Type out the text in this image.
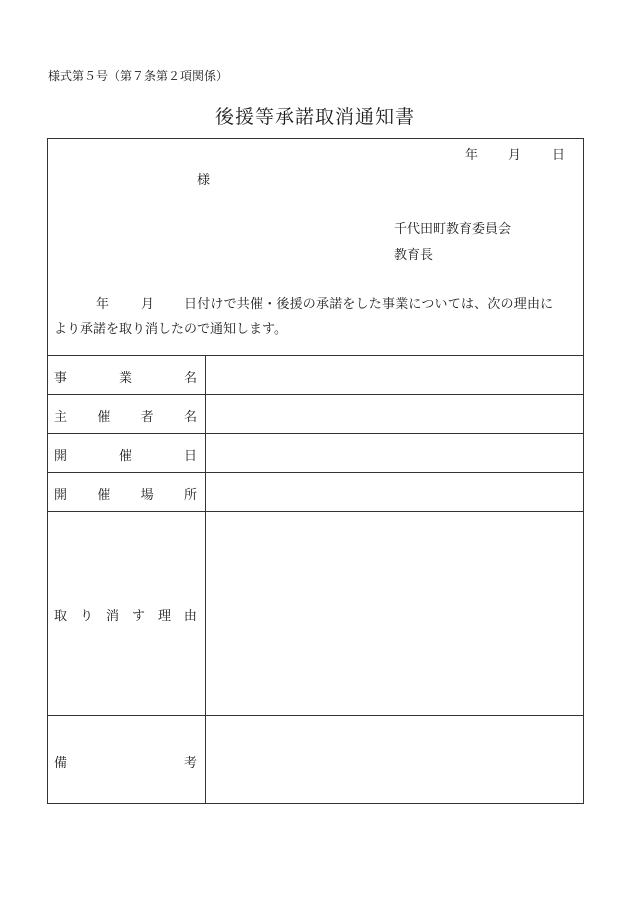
様式第５号（第７条第２項関係）
後援等承諾取消通知書
年 月 日
様
千代田町教育委員会
教育長
年 月 日付けで共催・後援の承諾をした事業については、次の理由に
より承諾を取り消したので通知します。
事	業	名
主 催 者 名
開	催	日
開 催 場 所
取 り 消 す 理 由
備	考
